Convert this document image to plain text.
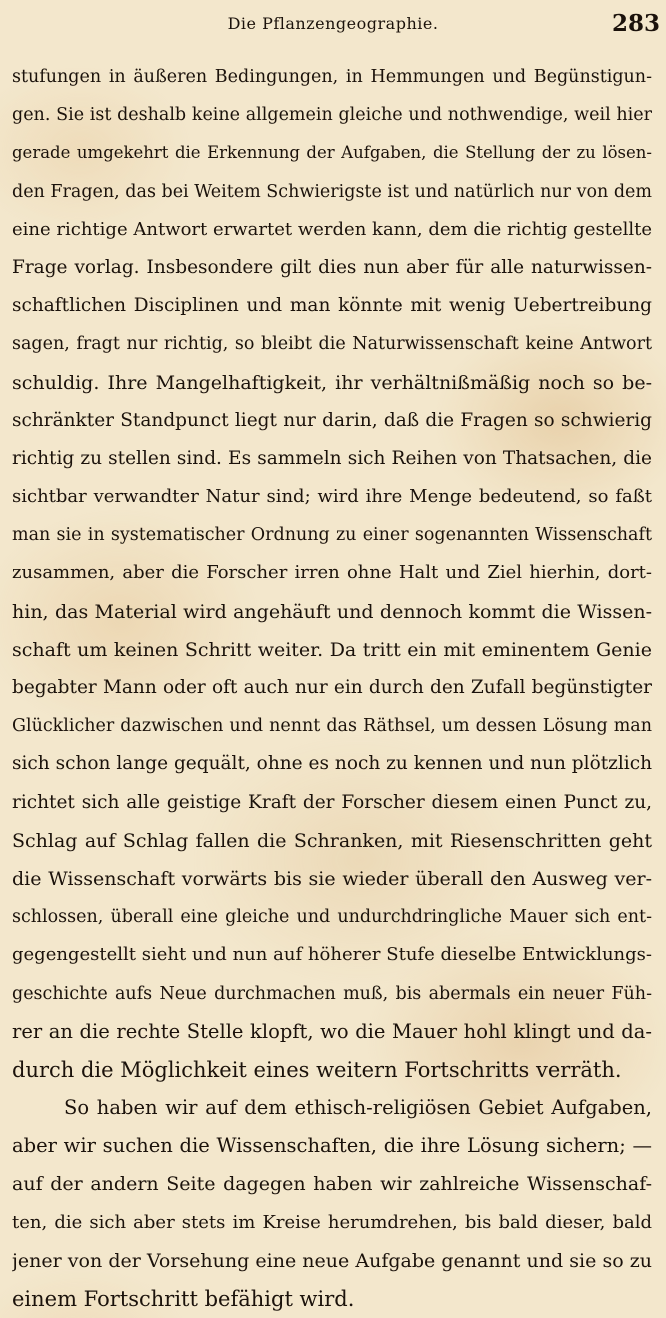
Die Pflanzengeographie.	283
stufungen in äußeren Bedingungen, in Hemmungen und Begünstigun-
gen. Sie ist deshalb keine allgemein gleiche und nothwendige, weil hier
gerade umgekehrt die Erkennung der Aufgaben, die Stellung der zu lösen-
den Fragen, das bei Weitem Schwierigste ist und natürlich nur von dem
eine richtige Antwort erwartet werden kann, dem die richtig gestellte
Frage vorlag. Insbesondere gilt dies nun aber für alle naturwissen-
schaftlichen Disciplinen und man könnte mit wenig Uebertreibung
sagen, fragt nur richtig, so bleibt die Naturwissenschaft keine Antwort
schuldig. Ihre Mangelhaftigkeit, ihr verhältnißmäßig noch so be-
schränkter Standpunct liegt nur darin, daß die Fragen so schwierig
richtig zu stellen sind. Es sammeln sich Reihen von Thatsachen, die
sichtbar verwandter Natur sind; wird ihre Menge bedeutend, so faßt
man sie in systematischer Ordnung zu einer sogenannten Wissenschaft
zusammen, aber die Forscher irren ohne Halt und Ziel hierhin, dort-
hin, das Material wird angehäuft und dennoch kommt die Wissen-
schaft um keinen Schritt weiter. Da tritt ein mit eminentem Genie
begabter Mann oder oft auch nur ein durch den Zufall begünstigter
Glücklicher dazwischen und nennt das Räthsel, um dessen Lösung man
sich schon lange gequält, ohne es noch zu kennen und nun plötzlich
richtet sich alle geistige Kraft der Forscher diesem einen Punct zu,
Schlag auf Schlag fallen die Schranken, mit Riesenschritten geht
die Wissenschaft vorwärts bis sie wieder überall den Ausweg ver-
schlossen, überall eine gleiche und undurchdringliche Mauer sich ent-
gegengestellt sieht und nun auf höherer Stufe dieselbe Entwicklungs-
geschichte aufs Neue durchmachen muß, bis abermals ein neuer Füh-
rer an die rechte Stelle klopft, wo die Mauer hohl klingt und da-
durch die Möglichkeit eines weitern Fortschritts verräth.
So haben wir auf dem ethisch-religiösen Gebiet Aufgaben,
aber wir suchen die Wissenschaften, die ihre Lösung sichern; —
auf der andern Seite dagegen haben wir zahlreiche Wissenschaf-
ten, die sich aber stets im Kreise herumdrehen, bis bald dieser, bald
jener von der Vorsehung eine neue Aufgabe genannt und sie so zu
einem Fortschritt befähigt wird.
